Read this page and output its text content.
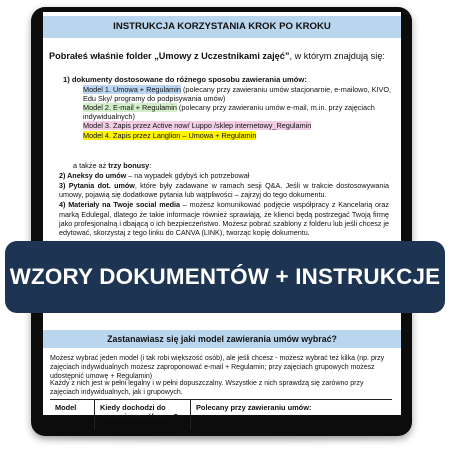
INSTRUKCJA KORZYSTANIA KROK PO KROKU
Pobrałeś właśnie folder „Umowy z Uczestnikami zajęć”, w którym znajdują się:
1) dokumenty dostosowane do różnego sposobu zawierania umów:
Model 1. Umowa + Regulamin (polecany przy zawieraniu umów stacjonarnie, e-mailowo, KIVO, Edu Sky/ programy do podpisywania umów)
Model 2. E-mail + Regulamin (polecany przy zawieraniu umów e-mail, m.in. przy zajęciach indywidualnych)
Model 3. Zapis przez Active now/ Luppo /sklep internetowy_Regulamin
Model 4. Zapis przez Langlion – Umowa + Regulamin
a także aż trzy bonusy:
2) Aneksy do umów – na wypadek gdybyś ich potrzebował
3) Pytania dot. umów, które były zadawane w ramach sesji Q&A. Jeśli w trakcie dostosowywania umowy, pojawią się dodatkowe pytania lub wątpliwości – zajrzyj do tego dokumentu.
4) Materiały na Twoje social media – możesz komunikować podjęcie współpracy z Kancelarią oraz marką Edulegal, dlatego że takie informacje również sprawiają, że klienci będą postrzegać Twoją firmę jako profesjonalną i dbającą o ich bezpieczeństwo. Możesz pobrać szablony z folderu lub jeśli chcesz je edytować, skorzystaj z tego linku do CANVA (LINK), tworząc kopię dokumentu.
Zastanawiasz się jaki model zawierania umów wybrać?
Możesz wybrać jeden model (i tak robi większość osób), ale jeśli chcesz - możesz wybrać też kilka (np. przy zajęciach indywidualnych możesz zaproponować e-mail + Regulamin; przy zajęciach grupowych możesz udostępnić umowę + Regulamin)
Każdy z nich jest w pełni legalny i w pełni dopuszczalny. Wszystkie z nich sprawdzą się zarówno przy zajęciach indywidualnych, jak i grupowych.
Model	Kiedy dochodzi do zawarcia współpracy?
Polecany przy zawieraniu umów:
WZORY DOKUMENTÓW + INSTRUKCJE
